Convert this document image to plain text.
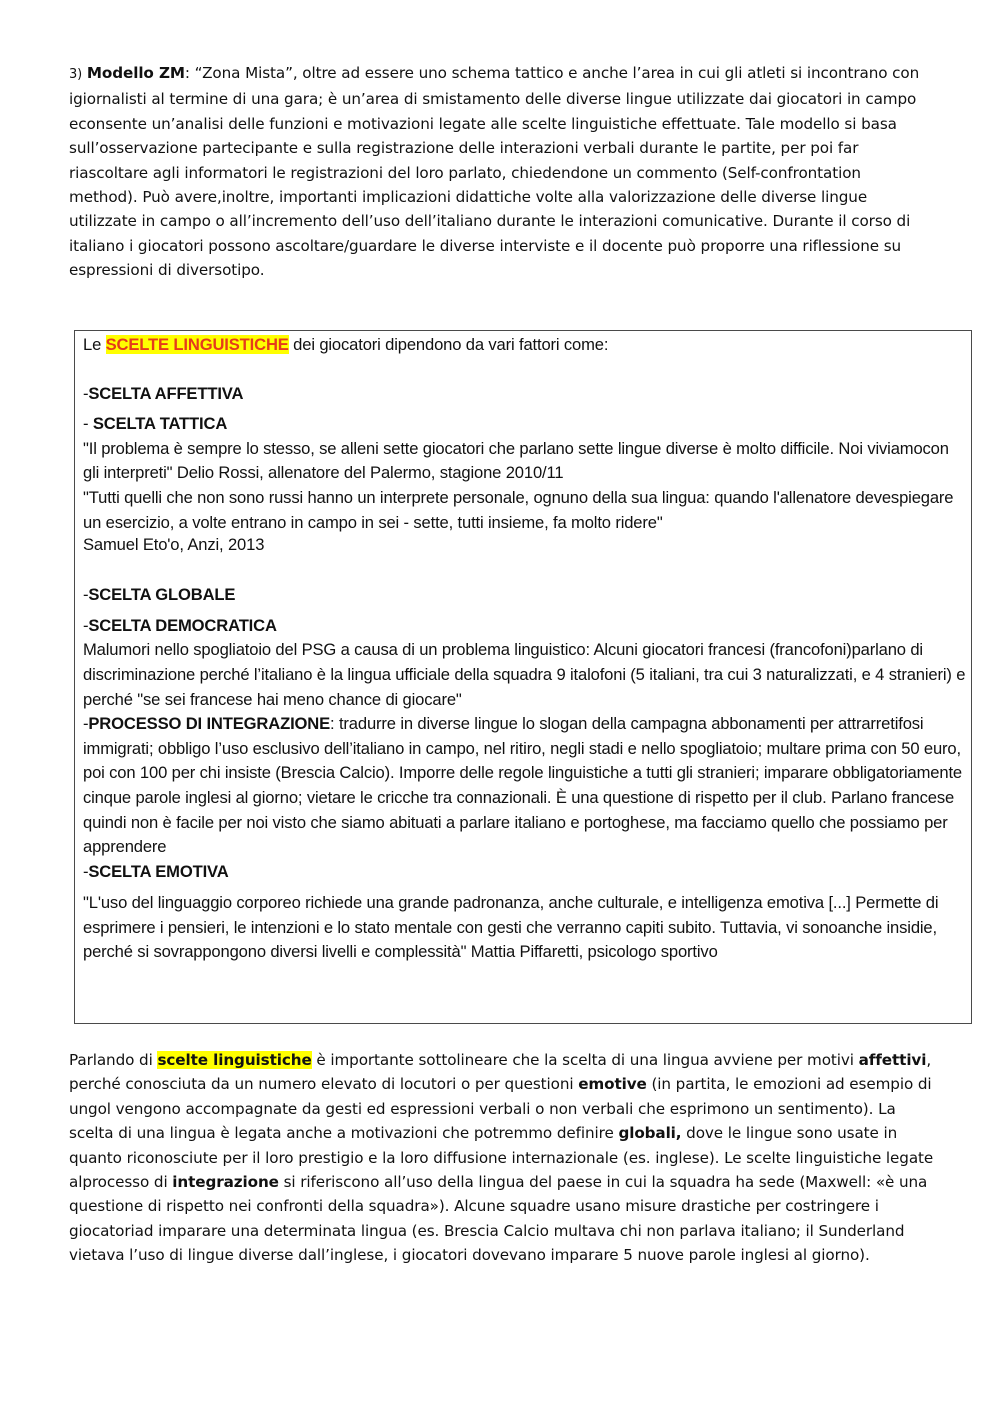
3) Modello ZM: “Zona Mista”, oltre ad essere uno schema tattico e anche l’area in cui gli atleti si incontrano con igiornalisti al termine di una gara; è un’area di smistamento delle diverse lingue utilizzate dai giocatori in campo econsente un’analisi delle funzioni e motivazioni legate alle scelte linguistiche effettuate. Tale modello si basa sull’osservazione partecipante e sulla registrazione delle interazioni verbali durante le partite, per poi far riascoltare agli informatori le registrazioni del loro parlato, chiedendone un commento (Self-confrontation method). Può avere,inoltre, importanti implicazioni didattiche volte alla valorizzazione delle diverse lingue utilizzate in campo o all’incremento dell’uso dell’italiano durante le interazioni comunicative. Durante il corso di italiano i giocatori possono ascoltare/guardare le diverse interviste e il docente può proporre una riflessione su espressioni di diversotipo.

Le SCELTE LINGUISTICHE dei giocatori dipendono da vari fattori come:
-SCELTA AFFETTIVA
- SCELTA TATTICA
"Il problema è sempre lo stesso, se alleni sette giocatori che parlano sette lingue diverse è molto difficile. Noi viviamocon gli interpreti" Delio Rossi, allenatore del Palermo, stagione 2010/11
"Tutti quelli che non sono russi hanno un interprete personale, ognuno della sua lingua: quando l'allenatore devespiegare un esercizio, a volte entrano in campo in sei - sette, tutti insieme, fa molto ridere"
Samuel Eto'o, Anzi, 2013
-SCELTA GLOBALE
-SCELTA DEMOCRATICA
Malumori nello spogliatoio del PSG a causa di un problema linguistico: Alcuni giocatori francesi (francofoni)parlano di discriminazione perché l’italiano è la lingua ufficiale della squadra 9 italofoni (5 italiani, tra cui 3 naturalizzati, e 4 stranieri) e perché "se sei francese hai meno chance di giocare"
-PROCESSO DI INTEGRAZIONE: tradurre in diverse lingue lo slogan della campagna abbonamenti per attrarretifosi immigrati; obbligo l’uso esclusivo dell’italiano in campo, nel ritiro, negli stadi e nello spogliatoio; multare prima con 50 euro, poi con 100 per chi insiste (Brescia Calcio). Imporre delle regole linguistiche a tutti gli stranieri; imparare obbligatoriamente cinque parole inglesi al giorno; vietare le cricche tra connazionali. È una questione di rispetto per il club. Parlano francese quindi non è facile per noi visto che siamo abituati a parlare italiano e portoghese, ma facciamo quello che possiamo per apprendere
-SCELTA EMOTIVA
"L'uso del linguaggio corporeo richiede una grande padronanza, anche culturale, e intelligenza emotiva [...] Permette di esprimere i pensieri, le intenzioni e lo stato mentale con gesti che verranno capiti subito. Tuttavia, vi sonoanche insidie, perché si sovrappongono diversi livelli e complessità" Mattia Piffaretti, psicologo sportivo

Parlando di scelte linguistiche è importante sottolineare che la scelta di una lingua avviene per motivi affettivi, perché conosciuta da un numero elevato di locutori o per questioni emotive (in partita, le emozioni ad esempio di ungol vengono accompagnate da gesti ed espressioni verbali o non verbali che esprimono un sentimento). La scelta di una lingua è legata anche a motivazioni che potremmo definire globali, dove le lingue sono usate in quanto riconosciute per il loro prestigio e la loro diffusione internazionale (es. inglese). Le scelte linguistiche legate alprocesso di integrazione si riferiscono all’uso della lingua del paese in cui la squadra ha sede (Maxwell: «è una questione di rispetto nei confronti della squadra»). Alcune squadre usano misure drastiche per costringere i giocatoriad imparare una determinata lingua (es. Brescia Calcio multava chi non parlava italiano; il Sunderland vietava l’uso di lingue diverse dall’inglese, i giocatori dovevano imparare 5 nuove parole inglesi al giorno).
